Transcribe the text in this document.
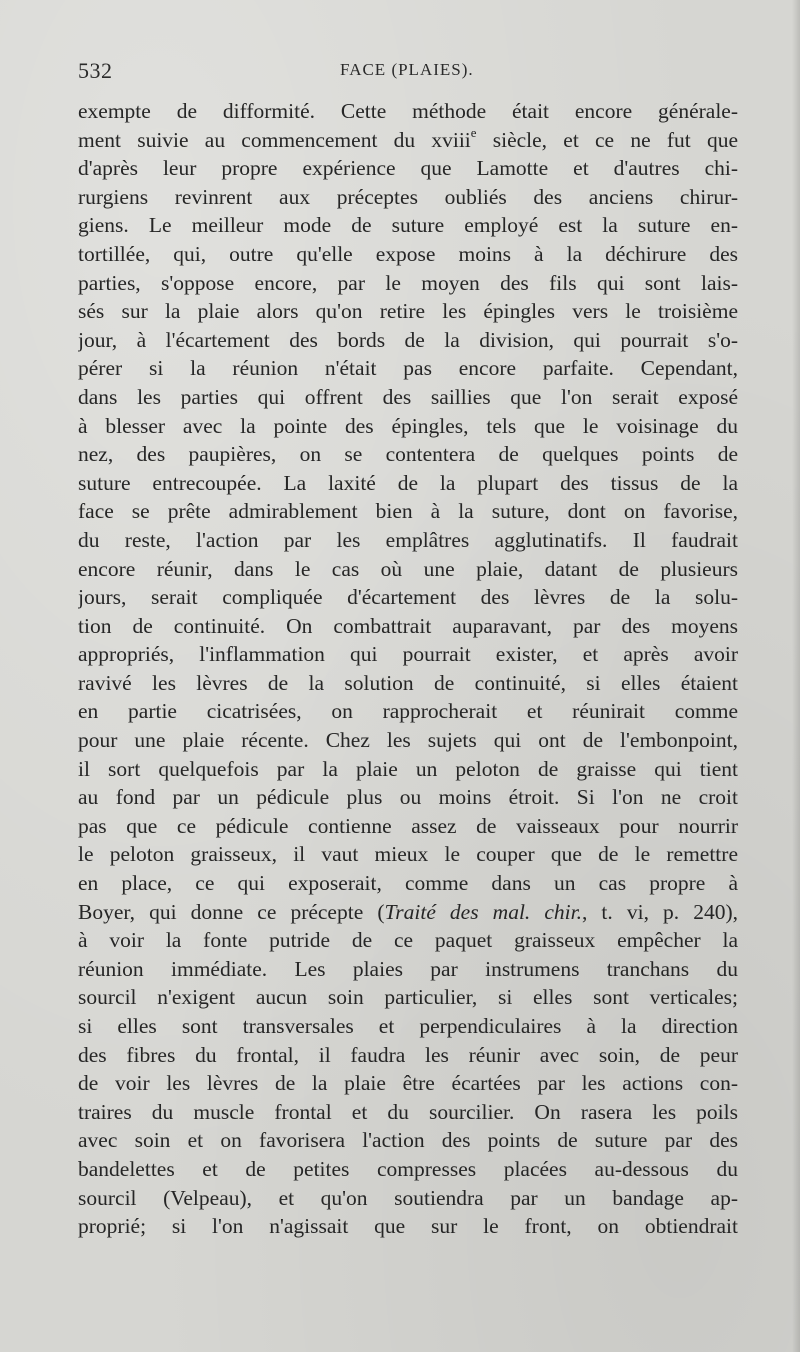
532	FACE (PLAIES).
exempte de difformité. Cette méthode était encore générale-
ment suivie au commencement du xviii$^e$ siècle, et ce ne fut que
d'après leur propre expérience que Lamotte et d'autres chi-
rurgiens revinrent aux préceptes oubliés des anciens chirur-
giens. Le meilleur mode de suture employé est la suture en-
tortillée, qui, outre qu'elle expose moins à la déchirure des
parties, s'oppose encore, par le moyen des fils qui sont lais-
sés sur la plaie alors qu'on retire les épingles vers le troisième
jour, à l'écartement des bords de la division, qui pourrait s'o-
pérer si la réunion n'était pas encore parfaite. Cependant,
dans les parties qui offrent des saillies que l'on serait exposé
à blesser avec la pointe des épingles, tels que le voisinage du
nez, des paupières, on se contentera de quelques points de
suture entrecoupée. La laxité de la plupart des tissus de la
face se prête admirablement bien à la suture, dont on favorise,
du reste, l'action par les emplâtres agglutinatifs. Il faudrait
encore réunir, dans le cas où une plaie, datant de plusieurs
jours, serait compliquée d'écartement des lèvres de la solu-
tion de continuité. On combattrait auparavant, par des moyens
appropriés, l'inflammation qui pourrait exister, et après avoir
ravivé les lèvres de la solution de continuité, si elles étaient
en partie cicatrisées, on rapprocherait et réunirait comme
pour une plaie récente. Chez les sujets qui ont de l'embonpoint,
il sort quelquefois par la plaie un peloton de graisse qui tient
au fond par un pédicule plus ou moins étroit. Si l'on ne croit
pas que ce pédicule contienne assez de vaisseaux pour nourrir
le peloton graisseux, il vaut mieux le couper que de le remettre
en place, ce qui exposerait, comme dans un cas propre à
Boyer, qui donne ce précepte (Traité des mal. chir., t. vi, p. 240),
à voir la fonte putride de ce paquet graisseux empêcher la
réunion immédiate. Les plaies par instrumens tranchans du
sourcil n'exigent aucun soin particulier, si elles sont verticales;
si elles sont transversales et perpendiculaires à la direction
des fibres du frontal, il faudra les réunir avec soin, de peur
de voir les lèvres de la plaie être écartées par les actions con-
traires du muscle frontal et du sourcilier. On rasera les poils
avec soin et on favorisera l'action des points de suture par des
bandelettes et de petites compresses placées au-dessous du
sourcil (Velpeau), et qu'on soutiendra par un bandage ap-
proprié; si l'on n'agissait que sur le front, on obtiendrait
